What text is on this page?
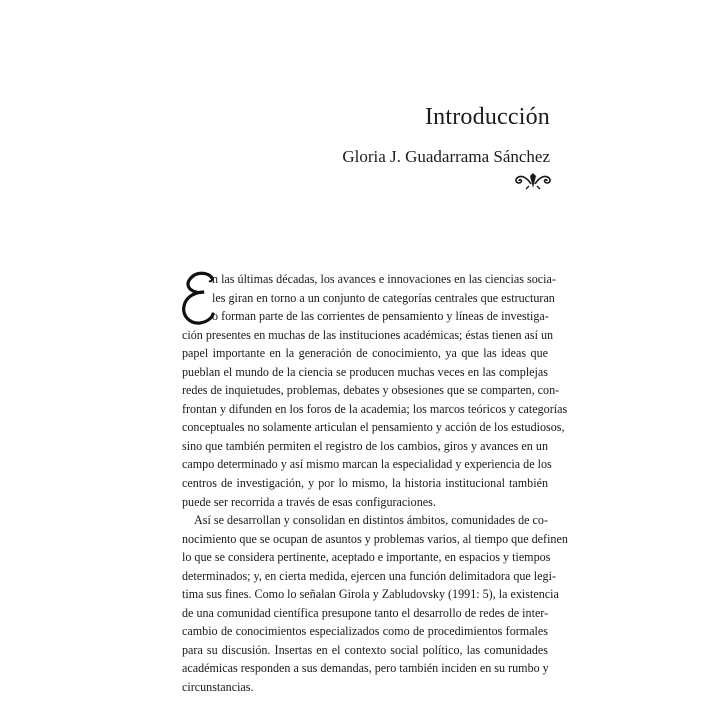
Introducción
Gloria J. Guadarrama Sánchez
n las últimas décadas, los avances e innovaciones en las ciencias socia-
les giran en torno a un conjunto de categorías centrales que estructuran
o forman parte de las corrientes de pensamiento y líneas de investiga-
ción presentes en muchas de las instituciones académicas; éstas tienen así un
papel importante en la generación de conocimiento, ya que las ideas que
pueblan el mundo de la ciencia se producen muchas veces en las complejas
redes de inquietudes, problemas, debates y obsesiones que se comparten, con-
frontan y difunden en los foros de la academia; los marcos teóricos y categorías
conceptuales no solamente articulan el pensamiento y acción de los estudiosos,
sino que también permiten el registro de los cambios, giros y avances en un
campo determinado y así mismo marcan la especialidad y experiencia de los
centros de investigación, y por lo mismo, la historia institucional también
puede ser recorrida a través de esas configuraciones.
Así se desarrollan y consolidan en distintos ámbitos, comunidades de co-
nocimiento que se ocupan de asuntos y problemas varios, al tiempo que definen
lo que se considera pertinente, aceptado e importante, en espacios y tiempos
determinados; y, en cierta medida, ejercen una función delimitadora que legi-
tima sus fines. Como lo señalan Girola y Zabludovsky (1991: 5), la existencia
de una comunidad científica presupone tanto el desarrollo de redes de inter-
cambio de conocimientos especializados como de procedimientos formales
para su discusión. Insertas en el contexto social político, las comunidades
académicas responden a sus demandas, pero también inciden en su rumbo y
circunstancias.
